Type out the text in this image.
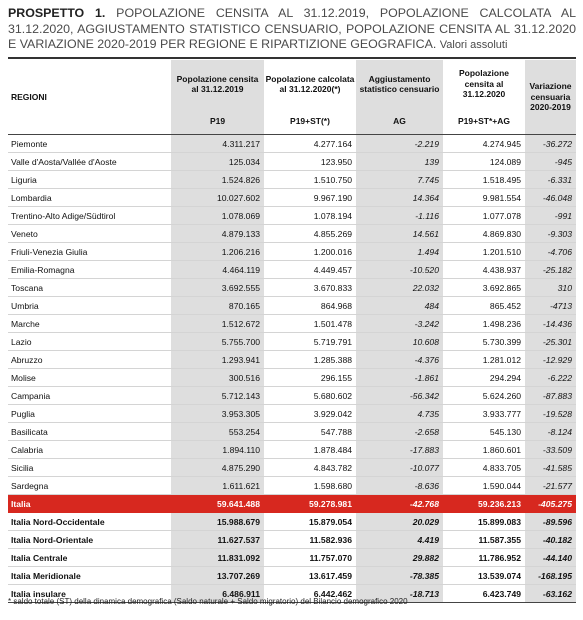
PROSPETTO 1. POPOLAZIONE CENSITA AL 31.12.2019, POPOLAZIONE CALCOLATA AL 31.12.2020, AGGIUSTAMENTO STATISTICO CENSUARIO, POPOLAZIONE CENSITA AL 31.12.2020 E VARIAZIONE 2020-2019 PER REGIONE E RIPARTIZIONE GEOGRAFICA. Valori assoluti
REGIONI	Popolazione censita al 31.12.2019	Popolazione calcolata al 31.12.2020(*)	Aggiustamento statistico censuario	Popolazione censita al 31.12.2020	Variazione censuaria 2020-2019
	P19	P19+ST(*)	AG	P19+ST*+AG	
Piemonte	4.311.217	4.277.164	-2.219	4.274.945	-36.272
Valle d'Aosta/Vallée d'Aoste	125.034	123.950	139	124.089	-945
Liguria	1.524.826	1.510.750	7.745	1.518.495	-6.331
Lombardia	10.027.602	9.967.190	14.364	9.981.554	-46.048
Trentino-Alto Adige/Südtirol	1.078.069	1.078.194	-1.116	1.077.078	-991
Veneto	4.879.133	4.855.269	14.561	4.869.830	-9.303
Friuli-Venezia Giulia	1.206.216	1.200.016	1.494	1.201.510	-4.706
Emilia-Romagna	4.464.119	4.449.457	-10.520	4.438.937	-25.182
Toscana	3.692.555	3.670.833	22.032	3.692.865	310
Umbria	870.165	864.968	484	865.452	-4713
Marche	1.512.672	1.501.478	-3.242	1.498.236	-14.436
Lazio	5.755.700	5.719.791	10.608	5.730.399	-25.301
Abruzzo	1.293.941	1.285.388	-4.376	1.281.012	-12.929
Molise	300.516	296.155	-1.861	294.294	-6.222
Campania	5.712.143	5.680.602	-56.342	5.624.260	-87.883
Puglia	3.953.305	3.929.042	4.735	3.933.777	-19.528
Basilicata	553.254	547.788	-2.658	545.130	-8.124
Calabria	1.894.110	1.878.484	-17.883	1.860.601	-33.509
Sicilia	4.875.290	4.843.782	-10.077	4.833.705	-41.585
Sardegna	1.611.621	1.598.680	-8.636	1.590.044	-21.577
Italia	59.641.488	59.278.981	-42.768	59.236.213	-405.275
Italia Nord-Occidentale	15.988.679	15.879.054	20.029	15.899.083	-89.596
Italia Nord-Orientale	11.627.537	11.582.936	4.419	11.587.355	-40.182
Italia Centrale	11.831.092	11.757.070	29.882	11.786.952	-44.140
Italia Meridionale	13.707.269	13.617.459	-78.385	13.539.074	-168.195
Italia insulare	6.486.911	6.442.462	-18.713	6.423.749	-63.162
* saldo totale (ST) della dinamica demografica (Saldo naturale + Saldo migratorio) del Bilancio demografico 2020
